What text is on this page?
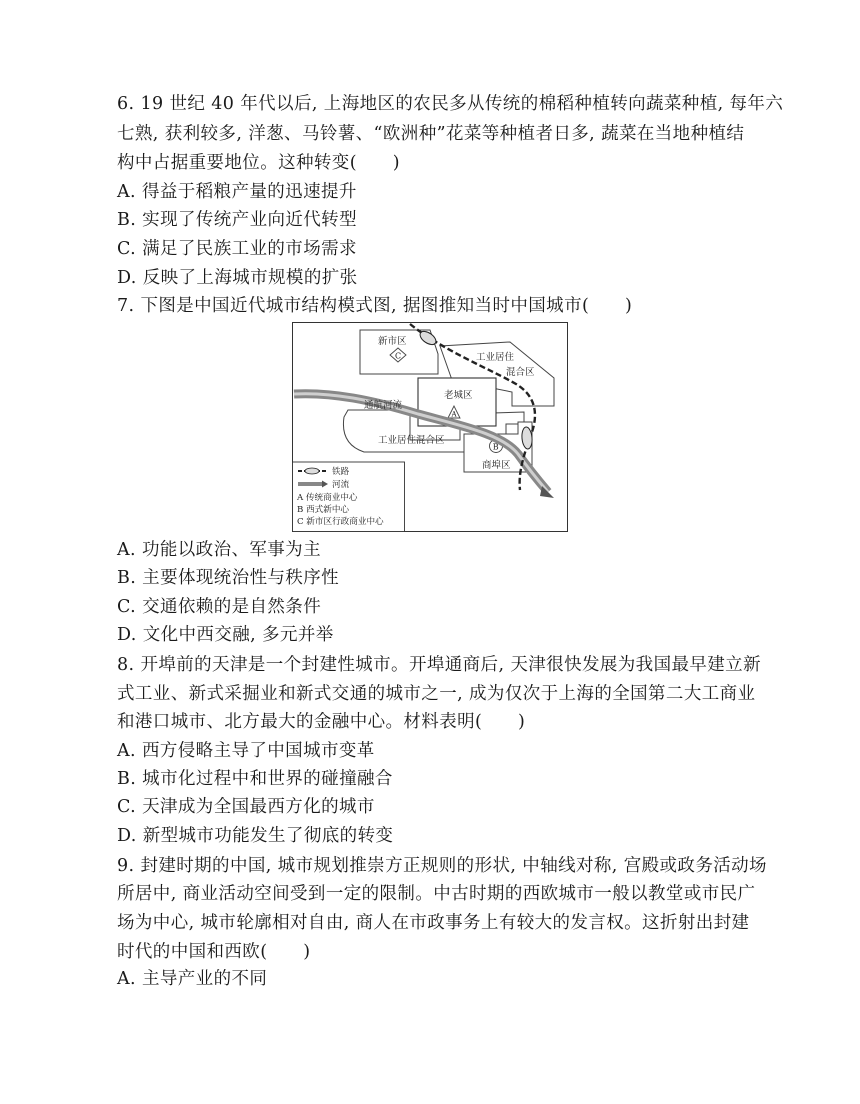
6. 19 世纪 40 年代以后, 上海地区的农民多从传统的棉稻种植转向蔬菜种植, 每年六
七熟, 获利较多, 洋葱、马铃薯、“欧洲种”花菜等种植者日多, 蔬菜在当地种植结
构中占据重要地位。这种转变(　　)
A. 得益于稻粮产量的迅速提升
B. 实现了传统产业向近代转型
C. 满足了民族工业的市场需求
D. 反映了上海城市规模的扩张
7. 下图是中国近代城市结构模式图, 据图推知当时中国城市(　　)
新市区
C	工业居住
混合区
工业居住混合区
老城区
A
B
商埠区
通航河流
铁路
河流
A 传统商业中心
B 西式新中心
C 新市区行政商业中心
A. 功能以政治、军事为主
B. 主要体现统治性与秩序性
C. 交通依赖的是自然条件
D. 文化中西交融, 多元并举
8. 开埠前的天津是一个封建性城市。开埠通商后, 天津很快发展为我国最早建立新
式工业、新式采掘业和新式交通的城市之一, 成为仅次于上海的全国第二大工商业
和港口城市、北方最大的金融中心。材料表明(　　)
A. 西方侵略主导了中国城市变革
B. 城市化过程中和世界的碰撞融合
C. 天津成为全国最西方化的城市
D. 新型城市功能发生了彻底的转变
9. 封建时期的中国, 城市规划推崇方正规则的形状, 中轴线对称, 宫殿或政务活动场
所居中, 商业活动空间受到一定的限制。中古时期的西欧城市一般以教堂或市民广
场为中心, 城市轮廓相对自由, 商人在市政事务上有较大的发言权。这折射出封建
时代的中国和西欧(　　)
A. 主导产业的不同
